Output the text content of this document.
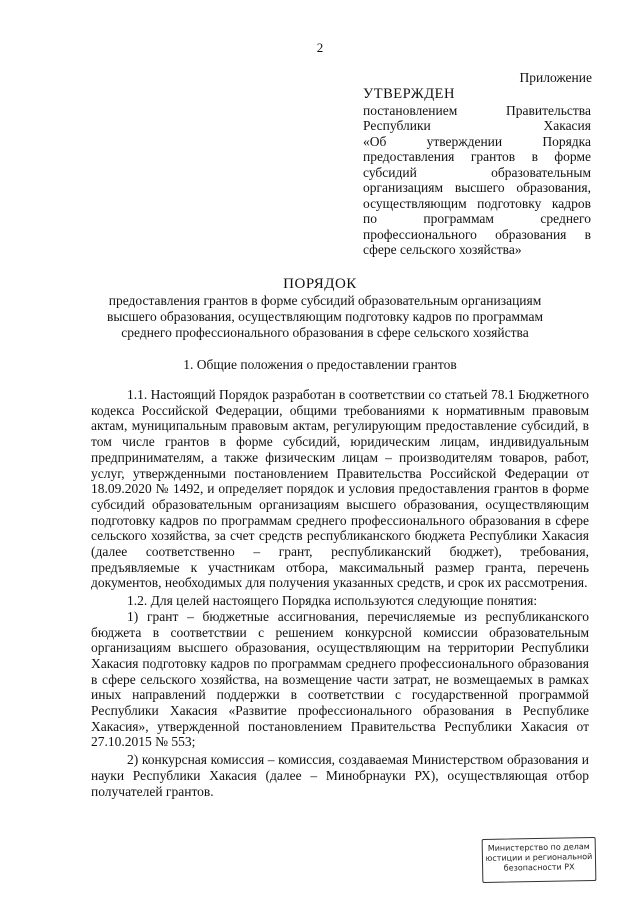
2
Приложение
УТВЕРЖДЕН
постановлением Правительства
Республики Хакасия
«Об утверждении Порядка
предоставления грантов в форме
субсидий образовательным
организациям высшего образования,
осуществляющим подготовку кадров
по программам среднего
профессионального образования в
сфере сельского хозяйства»
ПОРЯДОК
предоставления грантов в форме субсидий образовательным организациям высшего образования, осуществляющим подготовку кадров по программам среднего профессионального образования в сфере сельского хозяйства
1. Общие положения о предоставлении грантов

1.1. Настоящий Порядок разработан в соответствии со статьей 78.1 Бюджетного кодекса Российской Федерации, общими требованиями к нормативным правовым актам, муниципальным правовым актам, регулирующим предоставление субсидий, в том числе грантов в форме субсидий, юридическим лицам, индивидуальным предпринимателям, а также физическим лицам – производителям товаров, работ, услуг, утвержденными постановлением Правительства Российской Федерации от 18.09.2020 № 1492, и определяет порядок и условия предоставления грантов в форме субсидий образовательным организациям высшего образования, осуществляющим подготовку кадров по программам среднего профессионального образования в сфере сельского хозяйства, за счет средств республиканского бюджета Республики Хакасия (далее соответственно – грант, республиканский бюджет), требования, предъявляемые к участникам отбора, максимальный размер гранта, перечень документов, необходимых для получения указанных средств, и срок их рассмотрения.

1.2. Для целей настоящего Порядка используются следующие понятия:

1) грант – бюджетные ассигнования, перечисляемые из республиканского бюджета в соответствии с решением конкурсной комиссии образовательным организациям высшего образования, осуществляющим на территории Республики Хакасия подготовку кадров по программам среднего профессионального образования в сфере сельского хозяйства, на возмещение части затрат, не возмещаемых в рамках иных направлений поддержки в соответствии с государственной программой Республики Хакасия «Развитие профессионального образования в Республике Хакасия», утвержденной постановлением Правительства Республики Хакасия от 27.10.2015 № 553;

2) конкурсная комиссия – комиссия, создаваемая Министерством образования и науки Республики Хакасия (далее – Минобрнауки РХ), осуществляющая отбор получателей грантов.

Министерство по делам
юстиции и региональной
безопасности РХ
